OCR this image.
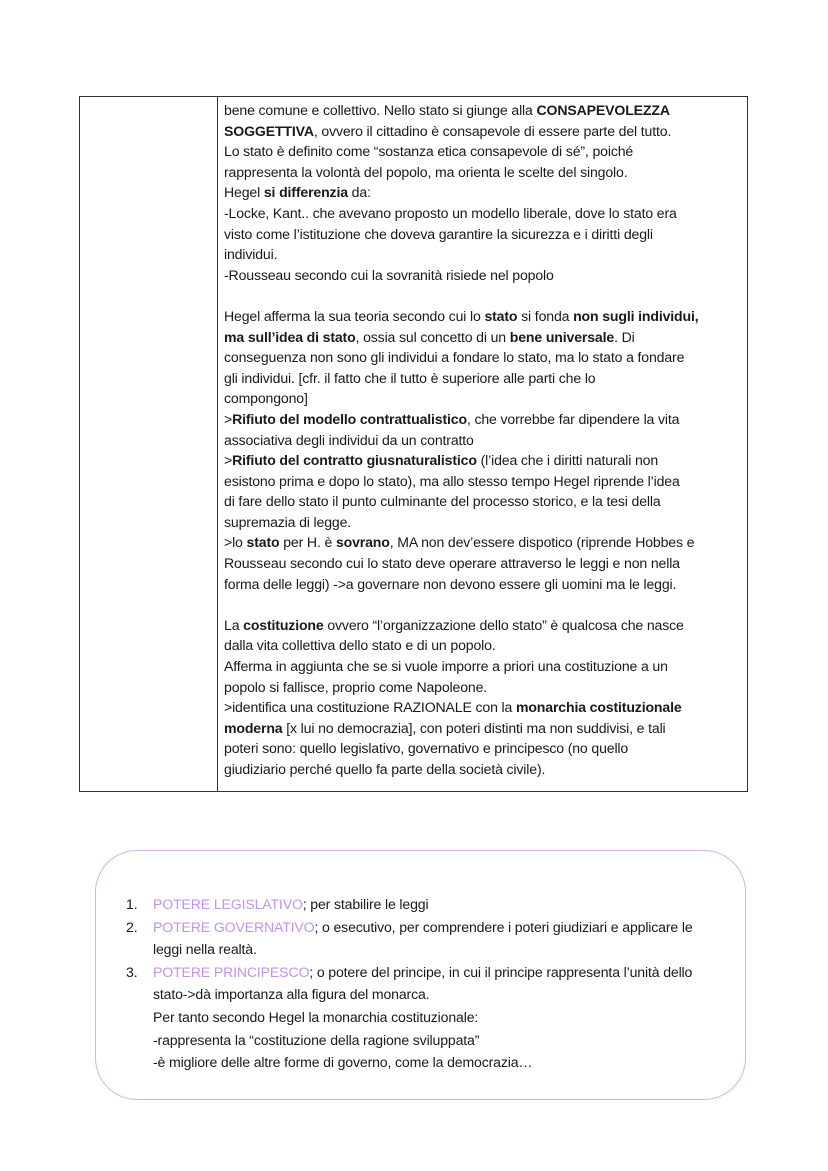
bene comune e collettivo. Nello stato si giunge alla CONSAPEVOLEZZA
SOGGETTIVA, ovvero il cittadino è consapevole di essere parte del tutto.
Lo stato è definito come “sostanza etica consapevole di sé”, poiché
rappresenta la volontà del popolo, ma orienta le scelte del singolo.
Hegel si differenzia da:
-Locke, Kant.. che avevano proposto un modello liberale, dove lo stato era
visto come l’istituzione che doveva garantire la sicurezza e i diritti degli
individui.
-Rousseau secondo cui la sovranità risiede nel popolo
Hegel afferma la sua teoria secondo cui lo stato si fonda non sugli individui,
ma sull’idea di stato, ossia sul concetto di un bene universale. Di
conseguenza non sono gli individui a fondare lo stato, ma lo stato a fondare
gli individui. [cfr. il fatto che il tutto è superiore alle parti che lo
compongono]
>Rifiuto del modello contrattualistico, che vorrebbe far dipendere la vita
associativa degli individui da un contratto
>Rifiuto del contratto giusnaturalistico (l’idea che i diritti naturali non
esistono prima e dopo lo stato), ma allo stesso tempo Hegel riprende l’idea
di fare dello stato il punto culminante del processo storico, e la tesi della
supremazia di legge.
>lo stato per H. è sovrano, MA non dev’essere dispotico (riprende Hobbes e
Rousseau secondo cui lo stato deve operare attraverso le leggi e non nella
forma delle leggi) ->a governare non devono essere gli uomini ma le leggi.
La costituzione ovvero “l’organizzazione dello stato” è qualcosa che nasce
dalla vita collettiva dello stato e di un popolo.
Afferma in aggiunta che se si vuole imporre a priori una costituzione a un
popolo si fallisce, proprio come Napoleone.
>identifica una costituzione RAZIONALE con la monarchia costituzionale
moderna [x lui no democrazia], con poteri distinti ma non suddivisi, e tali
poteri sono: quello legislativo, governativo e principesco (no quello
giudiziario perché quello fa parte della società civile).
1. POTERE LEGISLATIVO; per stabilire le leggi
2. POTERE GOVERNATIVO; o esecutivo, per comprendere i poteri giudiziari e applicare le
leggi nella realtà.
3. POTERE PRINCIPESCO; o potere del principe, in cui il principe rappresenta l’unità dello
stato->dà importanza alla figura del monarca.
Per tanto secondo Hegel la monarchia costituzionale:
-rappresenta la “costituzione della ragione sviluppata”
-è migliore delle altre forme di governo, come la democrazia…
